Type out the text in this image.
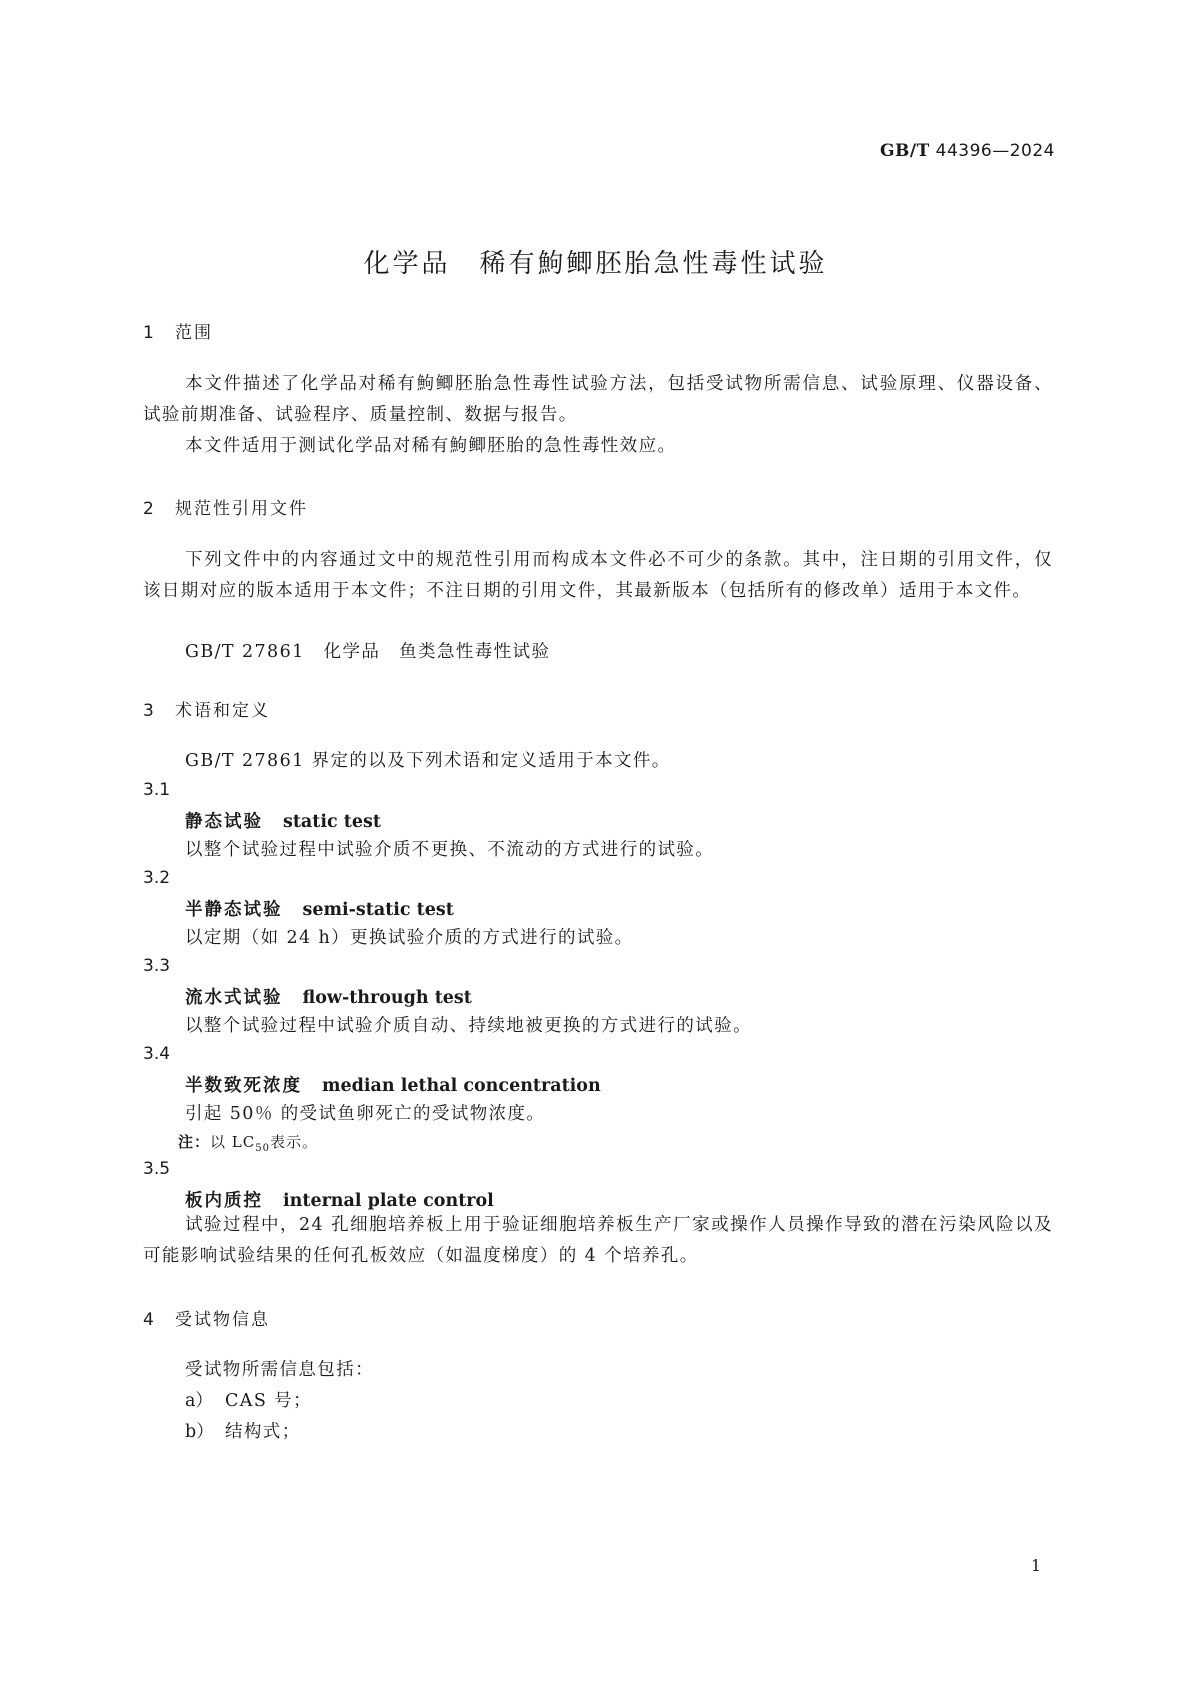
GB/T 44396—2024
化学品　稀有鮈鲫胚胎急性毒性试验
1 范围
本文件描述了化学品对稀有鮈鲫胚胎急性毒性试验方法，包括受试物所需信息、试验原理、仪器设备、试验前期准备、试验程序、质量控制、数据与报告。
本文件适用于测试化学品对稀有鮈鲫胚胎的急性毒性效应。
2 规范性引用文件
下列文件中的内容通过文中的规范性引用而构成本文件必不可少的条款。其中，注日期的引用文件，仅该日期对应的版本适用于本文件；不注日期的引用文件，其最新版本（包括所有的修改单）适用于本文件。
GB/T 27861　化学品　鱼类急性毒性试验
3 术语和定义
GB/T 27861 界定的以及下列术语和定义适用于本文件。
3.1
静态试验 static test
以整个试验过程中试验介质不更换、不流动的方式进行的试验。
3.2
半静态试验 semi-static test
以定期（如 24 h）更换试验介质的方式进行的试验。
3.3
流水式试验 flow-through test
以整个试验过程中试验介质自动、持续地被更换的方式进行的试验。
3.4
半数致死浓度 median lethal concentration
引起 50％ 的受试鱼卵死亡的受试物浓度。
注：以 $LC_{50}$表示。
3.5
板内质控 internal plate control
试验过程中，24 孔细胞培养板上用于验证细胞培养板生产厂家或操作人员操作导致的潜在污染风险以及可能影响试验结果的任何孔板效应（如温度梯度）的 4 个培养孔。
4 受试物信息
受试物所需信息包括：
a） CAS 号；
b） 结构式；
1
